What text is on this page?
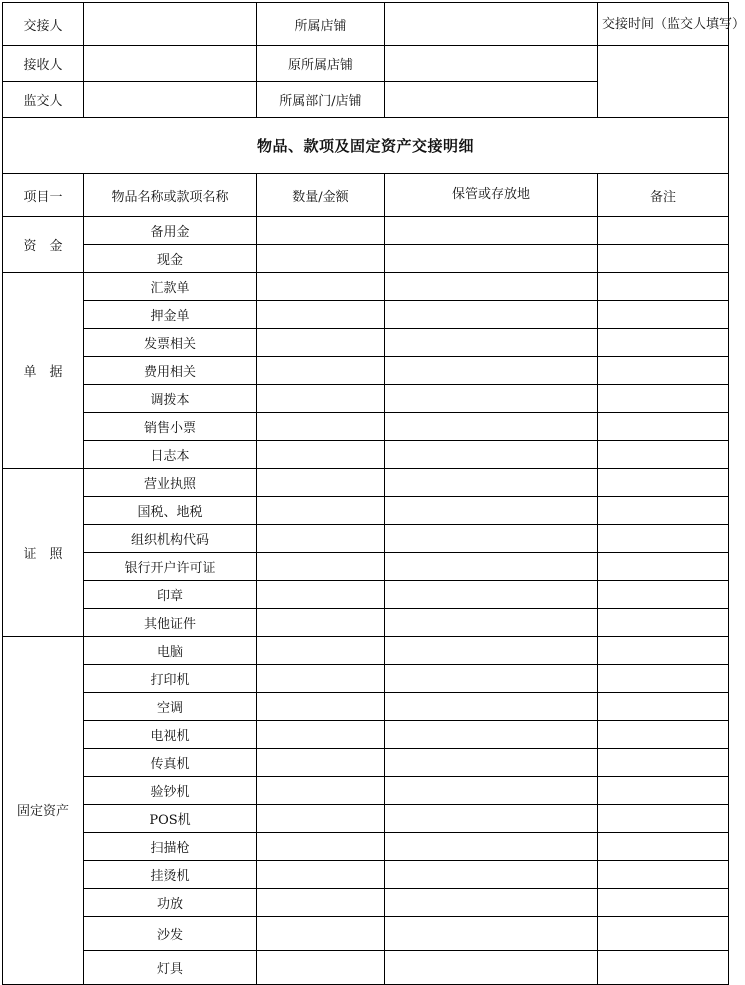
交接人		所属店铺		交接时间（监交人填写）
接收人		原所属店铺		
监交人		所属部门/店铺		
物品、款项及固定资产交接明细				
项目一	物品名称或款项名称	数量/金额	保管或存放地	备注
资　金	备用金			
	现金			
单　据	汇款单			
	押金单			
	发票相关			
	费用相关			
	调拨本			
	销售小票			
	日志本			
证　照	营业执照			
	国税、地税			
	组织机构代码			
	银行开户许可证			
	印章			
	其他证件			
固定资产	电脑			
	打印机			
	空调			
	电视机			
	传真机			
	验钞机			
	POS机			
	扫描枪			
	挂烫机			
	功放			
	沙发			
	灯具			
